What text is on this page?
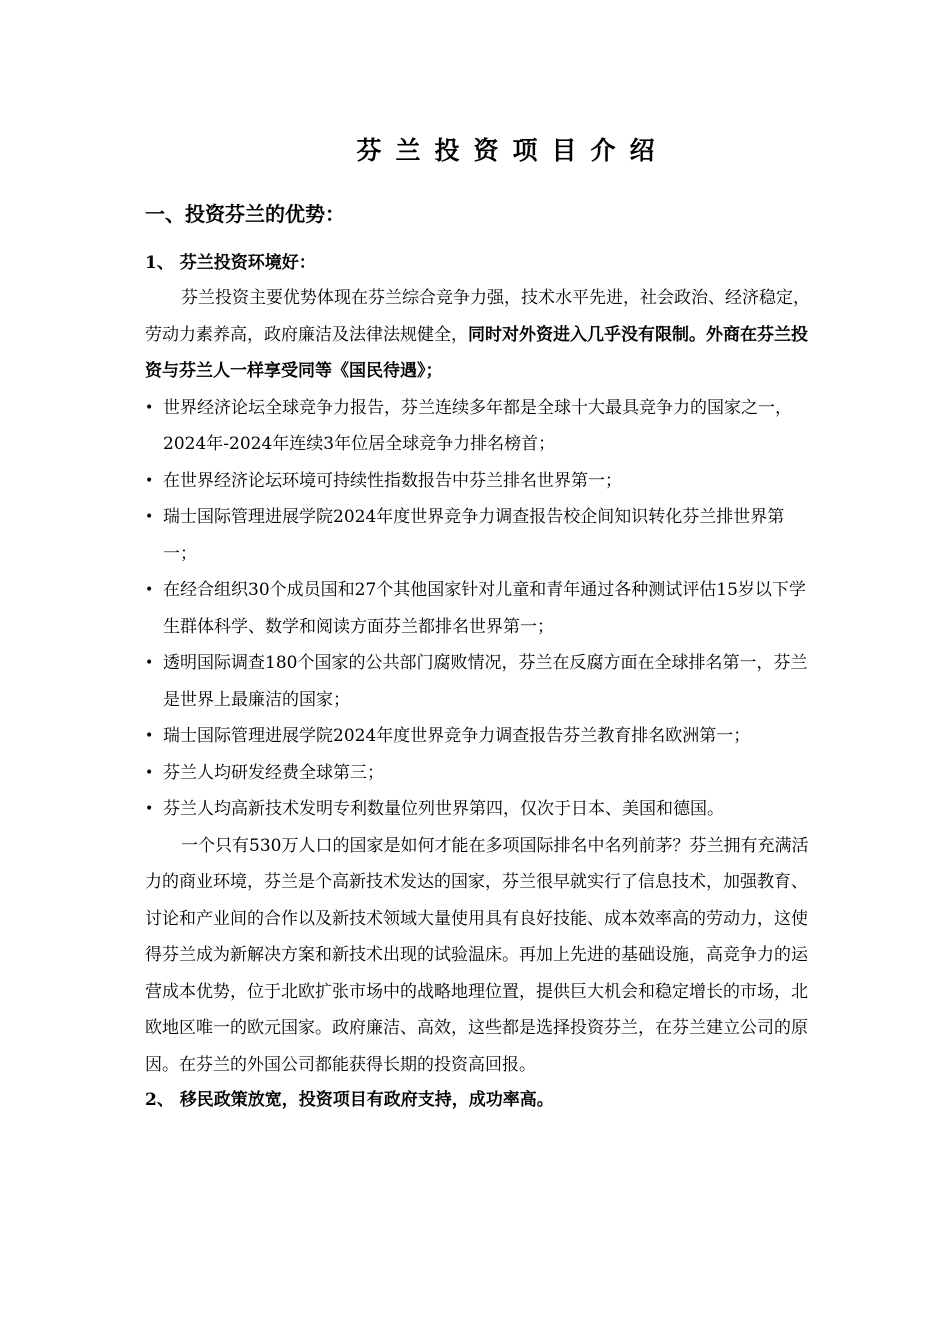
芬兰投资项目介绍
一、投资芬兰的优势：
1、 芬兰投资环境好：

芬兰投资主要优势体现在芬兰综合竞争力强，技术水平先进，社会政治、经济稳定，劳动力素养高，政府廉洁及法律法规健全，同时对外资进入几乎没有限制。外商在芬兰投资与芬兰人一样享受同等《国民待遇》；

• 世界经济论坛全球竞争力报告，芬兰连续多年都是全球十大最具竞争力的国家之一，2024年-2024年连续3年位居全球竞争力排名榜首；
• 在世界经济论坛环境可持续性指数报告中芬兰排名世界第一；
• 瑞士国际管理进展学院2024年度世界竞争力调查报告校企间知识转化芬兰排世界第一；
• 在经合组织30个成员国和27个其他国家针对儿童和青年通过各种测试评估15岁以下学生群体科学、数学和阅读方面芬兰都排名世界第一；
• 透明国际调查180个国家的公共部门腐败情况，芬兰在反腐方面在全球排名第一，芬兰是世界上最廉洁的国家；
• 瑞士国际管理进展学院2024年度世界竞争力调查报告芬兰教育排名欧洲第一；
• 芬兰人均研发经费全球第三；
• 芬兰人均高新技术发明专利数量位列世界第四，仅次于日本、美国和德国。

一个只有530万人口的国家是如何才能在多项国际排名中名列前茅？芬兰拥有充满活力的商业环境，芬兰是个高新技术发达的国家，芬兰很早就实行了信息技术，加强教育、讨论和产业间的合作以及新技术领域大量使用具有良好技能、成本效率高的劳动力，这使得芬兰成为新解决方案和新技术出现的试验温床。再加上先进的基础设施，高竞争力的运营成本优势，位于北欧扩张市场中的战略地理位置，提供巨大机会和稳定增长的市场，北欧地区唯一的欧元国家。政府廉洁、高效，这些都是选择投资芬兰，在芬兰建立公司的原因。在芬兰的外国公司都能获得长期的投资高回报。

2、 移民政策放宽，投资项目有政府支持，成功率高。
